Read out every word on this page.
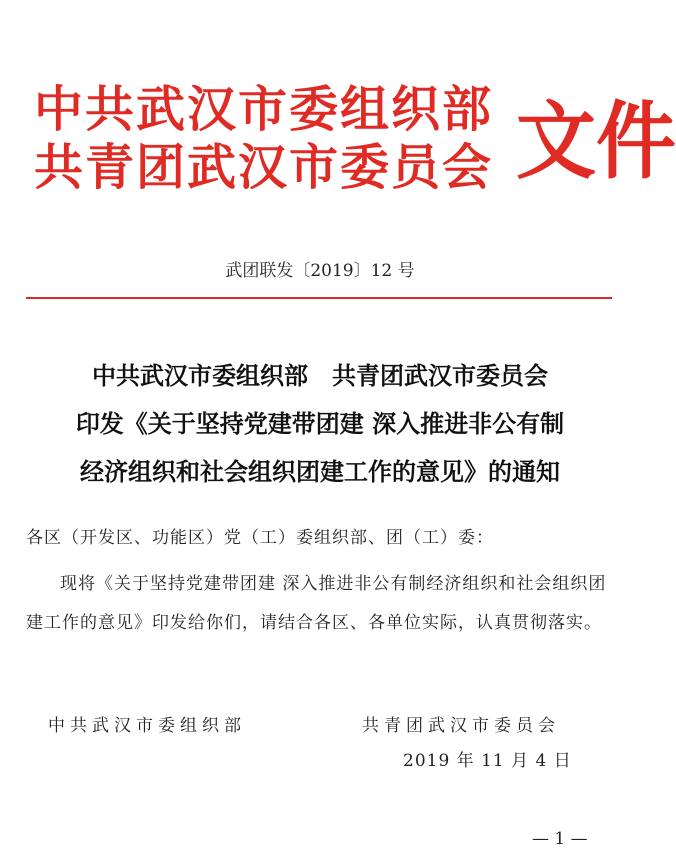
中共武汉市委组织部
共青团武汉市委员会 文件
武团联发〔2019〕12 号
中共武汉市委组织部　共青团武汉市委员会
印发《关于坚持党建带团建 深入推进非公有制
经济组织和社会组织团建工作的意见》的通知
各区（开发区、功能区）党（工）委组织部、团（工）委：
现将《关于坚持党建带团建 深入推进非公有制经济组织和社会组织团建工作的意见》印发给你们，请结合各区、各单位实际，认真贯彻落实。
中共武汉市委组织部	共青团武汉市委员会
2019 年 11 月 4 日
— 1 —
